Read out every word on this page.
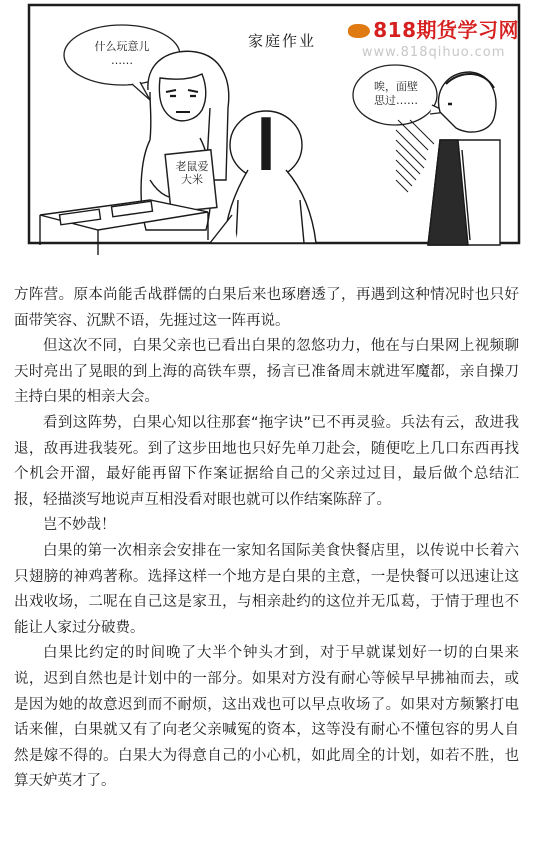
818期货学习网
www.818qihuo.com
什么玩意儿
……
唉，面壁
思过……
家庭作业
老鼠爱大米

方阵营。原本尚能舌战群儒的白果后来也琢磨透了，再遇到这种情况时也只好面带笑容、沉默不语，先捱过这一阵再说。

但这次不同，白果父亲也已看出白果的忽悠功力，他在与白果网上视频聊天时亮出了晃眼的到上海的高铁车票，扬言已准备周末就进军魔都，亲自操刀主持白果的相亲大会。

看到这阵势，白果心知以往那套“拖字诀”已不再灵验。兵法有云，敌进我退，敌再进我装死。到了这步田地也只好先单刀赴会，随便吃上几口东西再找个机会开溜，最好能再留下作案证据给自己的父亲过过目，最后做个总结汇报，轻描淡写地说声互相没看对眼也就可以作结案陈辞了。

岂不妙哉！

白果的第一次相亲会安排在一家知名国际美食快餐店里，以传说中长着六只翅膀的神鸡著称。选择这样一个地方是白果的主意，一是快餐可以迅速让这出戏收场，二呢在自己这是家丑，与相亲赴约的这位并无瓜葛，于情于理也不能让人家过分破费。

白果比约定的时间晚了大半个钟头才到，对于早就谋划好一切的白果来说，迟到自然也是计划中的一部分。如果对方没有耐心等候早早拂袖而去，或是因为她的故意迟到而不耐烦，这出戏也可以早点收场了。如果对方频繁打电话来催，白果就又有了向老父亲喊冤的资本，这等没有耐心不懂包容的男人自然是嫁不得的。白果大为得意自己的小心机，如此周全的计划，如若不胜，也算天妒英才了。
